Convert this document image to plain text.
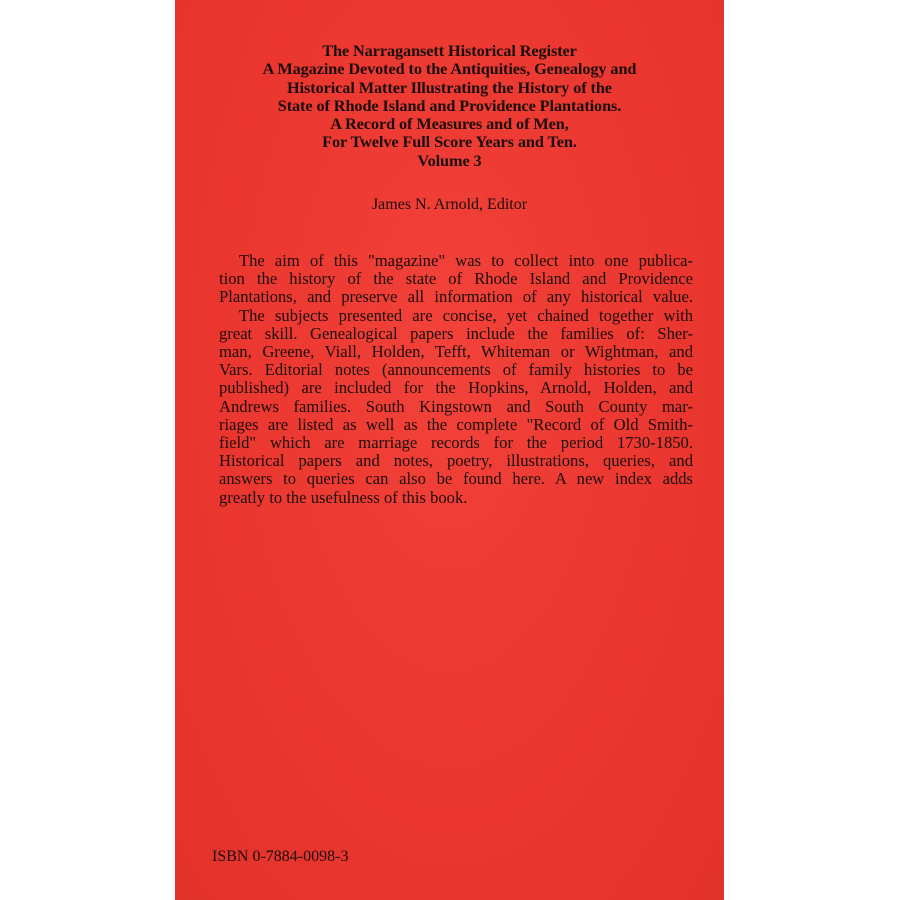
The Narragansett Historical Register
A Magazine Devoted to the Antiquities, Genealogy and
Historical Matter Illustrating the History of the
State of Rhode Island and Providence Plantations.
A Record of Measures and of Men,
For Twelve Full Score Years and Ten.
Volume 3
James N. Arnold, Editor
The aim of this "magazine" was to collect into one publica-
tion the history of the state of Rhode Island and Providence
Plantations, and preserve all information of any historical value.
The subjects presented are concise, yet chained together with
great skill. Genealogical papers include the families of: Sher-
man, Greene, Viall, Holden, Tefft, Whiteman or Wightman, and
Vars. Editorial notes (announcements of family histories to be
published) are included for the Hopkins, Arnold, Holden, and
Andrews families. South Kingstown and South County mar-
riages are listed as well as the complete "Record of Old Smith-
field" which are marriage records for the period 1730-1850.
Historical papers and notes, poetry, illustrations, queries, and
answers to queries can also be found here. A new index adds
greatly to the usefulness of this book.
ISBN 0-7884-0098-3
